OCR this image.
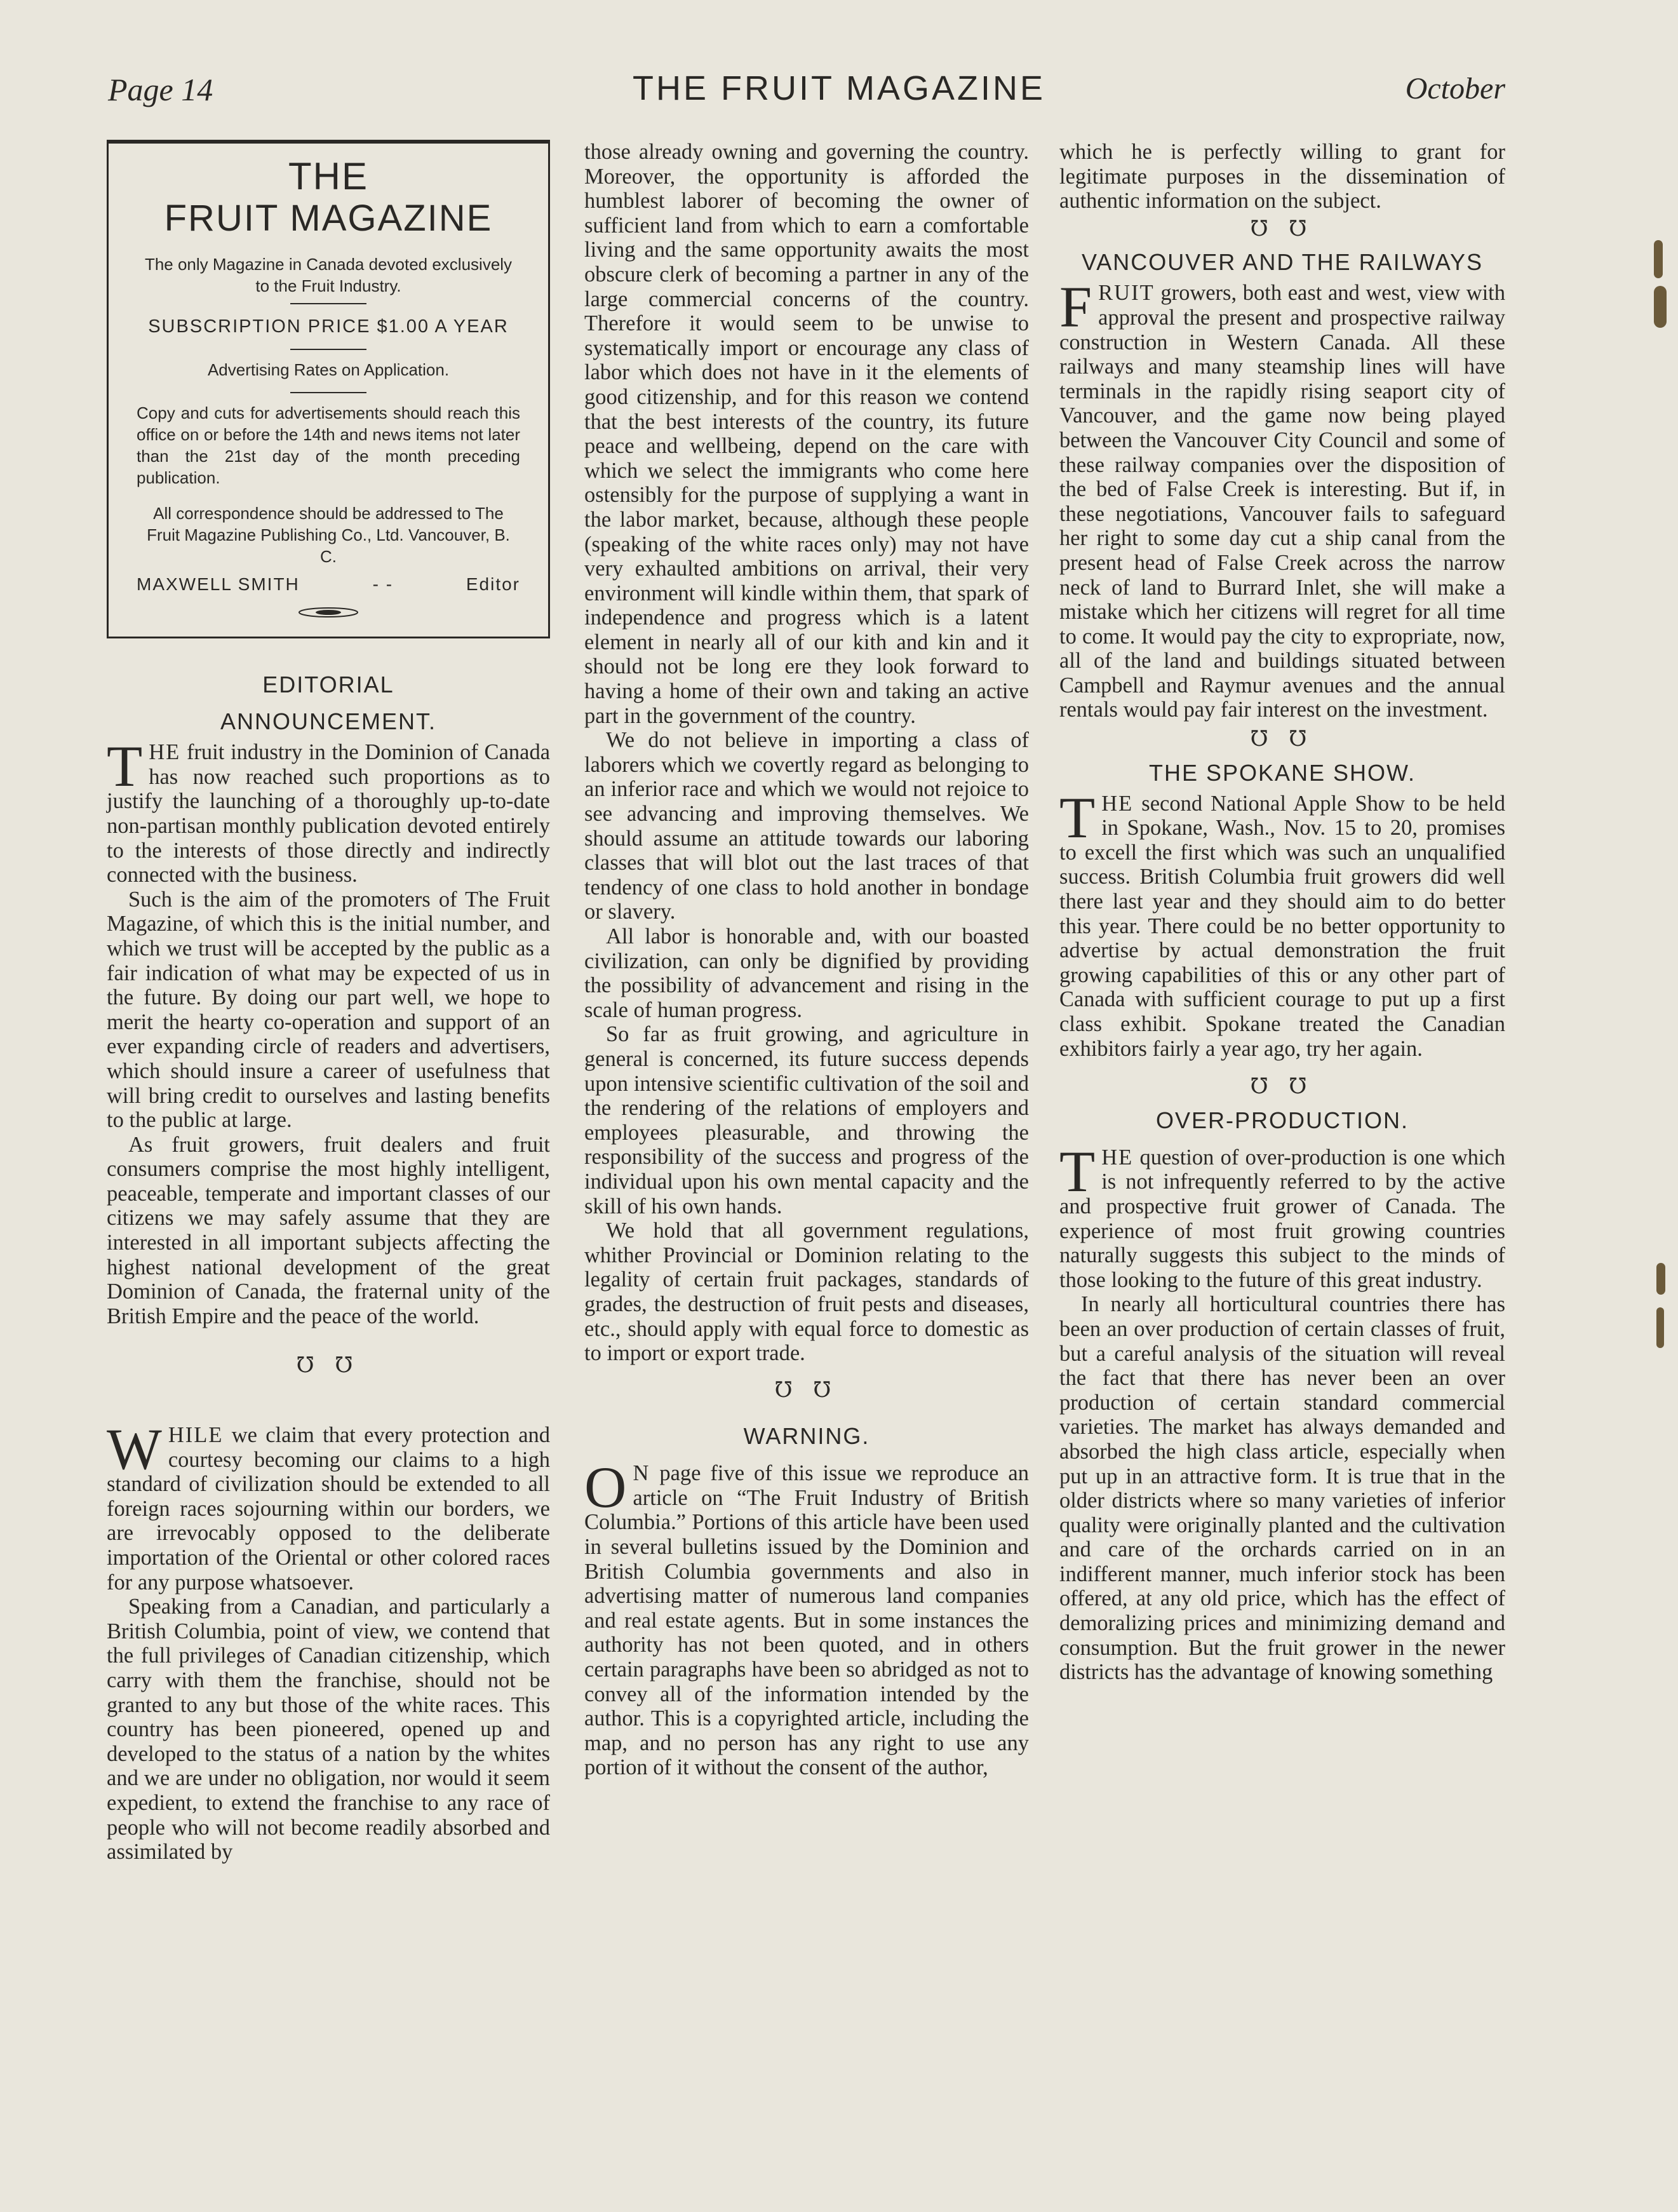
Page 14	THE FRUIT MAGAZINE	October
THE
FRUIT MAGAZINE

The only Magazine in Canada devoted exclusively to the Fruit Industry.

SUBSCRIPTION PRICE $1.00 A YEAR

Advertising Rates on Application.

Copy and cuts for advertisements should reach this office on or before the 14th and news items not later than the 21st day of the month preceding publication.

All correspondence should be addressed to The Fruit Magazine Publishing Co., Ltd. Vancouver, B. C.

MAXWELL SMITH	- -	Editor
EDITORIAL
ANNOUNCEMENT.

THE fruit industry in the Dominion of Canada has now reached such proportions as to justify the launching of a thoroughly up-to-date non-partisan monthly publication devoted entirely to the interests of those directly and indirectly connected with the business.

Such is the aim of the promoters of The Fruit Magazine, of which this is the initial number, and which we trust will be accepted by the public as a fair indication of what may be expected of us in the future. By doing our part well, we hope to merit the hearty co-operation and support of an ever expanding circle of readers and advertisers, which should insure a career of usefulness that will bring credit to ourselves and lasting benefits to the public at large.

As fruit growers, fruit dealers and fruit consumers comprise the most highly intelligent, peaceable, temperate and important classes of our citizens we may safely assume that they are interested in all important subjects affecting the highest national development of the great Dominion of Canada, the fraternal unity of the British Empire and the peace of the world.

℧ ℧

WHILE we claim that every protection and courtesy becoming our claims to a high standard of civilization should be extended to all foreign races sojourning within our borders, we are irrevocably opposed to the deliberate importation of the Oriental or other colored races for any purpose whatsoever.

Speaking from a Canadian, and particularly a British Columbia, point of view, we contend that the full privileges of Canadian citizenship, which carry with them the franchise, should not be granted to any but those of the white races. This country has been pioneered, opened up and developed to the status of a nation by the whites and we are under no obligation, nor would it seem expedient, to extend the franchise to any race of people who will not become readily absorbed and assimilated by

those already owning and governing the country. Moreover, the opportunity is afforded the humblest laborer of becoming the owner of sufficient land from which to earn a comfortable living and the same opportunity awaits the most obscure clerk of becoming a partner in any of the large commercial concerns of the country. Therefore it would seem to be unwise to systematically import or encourage any class of labor which does not have in it the elements of good citizenship, and for this reason we contend that the best interests of the country, its future peace and wellbeing, depend on the care with which we select the immigrants who come here ostensibly for the purpose of supplying a want in the labor market, because, although these people (speaking of the white races only) may not have very exhaulted ambitions on arrival, their very environment will kindle within them, that spark of independence and progress which is a latent element in nearly all of our kith and kin and it should not be long ere they look forward to having a home of their own and taking an active part in the government of the country.

We do not believe in importing a class of laborers which we covertly regard as belonging to an inferior race and which we would not rejoice to see advancing and improving themselves. We should assume an attitude towards our laboring classes that will blot out the last traces of that tendency of one class to hold another in bondage or slavery.

All labor is honorable and, with our boasted civilization, can only be dignified by providing the possibility of advancement and rising in the scale of human progress.

So far as fruit growing, and agriculture in general is concerned, its future success depends upon intensive scientific cultivation of the soil and the rendering of the relations of employers and employees pleasurable, and throwing the responsibility of the success and progress of the individual upon his own mental capacity and the skill of his own hands.

We hold that all government regulations, whither Provincial or Dominion relating to the legality of certain fruit packages, standards of grades, the destruction of fruit pests and diseases, etc., should apply with equal force to domestic as to import or export trade.

℧ ℧
WARNING.

O N page five of this issue we reproduce an article on “The Fruit Industry of British Columbia.” Portions of this article have been used in several bulletins issued by the Dominion and British Columbia governments and also in advertising matter of numerous land companies and real estate agents. But in some instances the authority has not been quoted, and in others certain paragraphs have been so abridged as not to convey all of the information intended by the author. This is a copyrighted article, including the map, and no person has any right to use any portion of it without the consent of the author,

which he is perfectly willing to grant for legitimate purposes in the dissemination of authentic information on the subject.

℧ ℧
VANCOUVER AND THE RAILWAYS

FRUIT growers, both east and west, view with approval the present and prospective railway construction in Western Canada. All these railways and many steamship lines will have terminals in the rapidly rising seaport city of Vancouver, and the game now being played between the Vancouver City Council and some of these railway companies over the disposition of the bed of False Creek is interesting. But if, in these negotiations, Vancouver fails to safeguard her right to some day cut a ship canal from the present head of False Creek across the narrow neck of land to Burrard Inlet, she will make a mistake which her citizens will regret for all time to come. It would pay the city to expropriate, now, all of the land and buildings situated between Campbell and Raymur avenues and the annual rentals would pay fair interest on the investment.

℧ ℧
THE SPOKANE SHOW.

THE second National Apple Show to be held in Spokane, Wash., Nov. 15 to 20, promises to excell the first which was such an unqualified success. British Columbia fruit growers did well there last year and they should aim to do better this year. There could be no better opportunity to advertise by actual demonstration the fruit growing capabilities of this or any other part of Canada with sufficient courage to put up a first class exhibit. Spokane treated the Canadian exhibitors fairly a year ago, try her again.

℧ ℧
OVER-PRODUCTION.

THE question of over-production is one which is not infrequently referred to by the active and prospective fruit grower of Canada. The experience of most fruit growing countries naturally suggests this subject to the minds of those looking to the future of this great industry.

In nearly all horticultural countries there has been an over production of certain classes of fruit, but a careful analysis of the situation will reveal the fact that there has never been an over production of certain standard commercial varieties. The market has always demanded and absorbed the high class article, especially when put up in an attractive form. It is true that in the older districts where so many varieties of inferior quality were originally planted and the cultivation and care of the orchards carried on in an indifferent manner, much inferior stock has been offered, at any old price, which has the effect of demoralizing prices and minimizing demand and consumption. But the fruit grower in the newer districts has the advantage of knowing something
